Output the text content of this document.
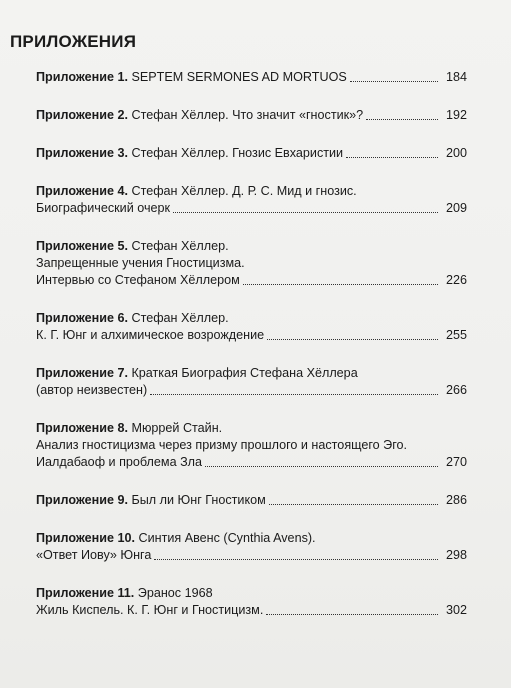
ПРИЛОЖЕНИЯ
Приложение 1.
SEPTEM SERMONES AD MORTUOS	184
Приложение 2.
Стефан Хёллер. Что значит «гностик»?	192
Приложение 3.
Стефан Хёллер. Гнозис Евхаристии	200
Приложение 4.
Стефан Хёллер. Д. Р. С. Мид и гнозис.
Биографический очерк	209
Приложение 5.
Стефан Хёллер.
Запрещенные учения Гностицизма.
Интервью со Стефаном Хёллером	226
Приложение 6.
Стефан Хёллер.
К. Г. Юнг и алхимическое возрождение	255
Приложение 7.
Краткая Биография Стефана Хёллера
(автор неизвестен)	266
Приложение 8.
Мюррей Стайн.
Анализ гностицизма через призму прошлого и настоящего Эго.
Иалдабаоф и проблема Зла	270
Приложение 9.
Был ли Юнг Гностиком	286
Приложение 10.
Синтия Авенс (Cynthia Avens).
«Ответ Иову» Юнга	298
Приложение 11.
Эранос 1968
Жиль Киспель. К. Г. Юнг и Гностицизм.	302
